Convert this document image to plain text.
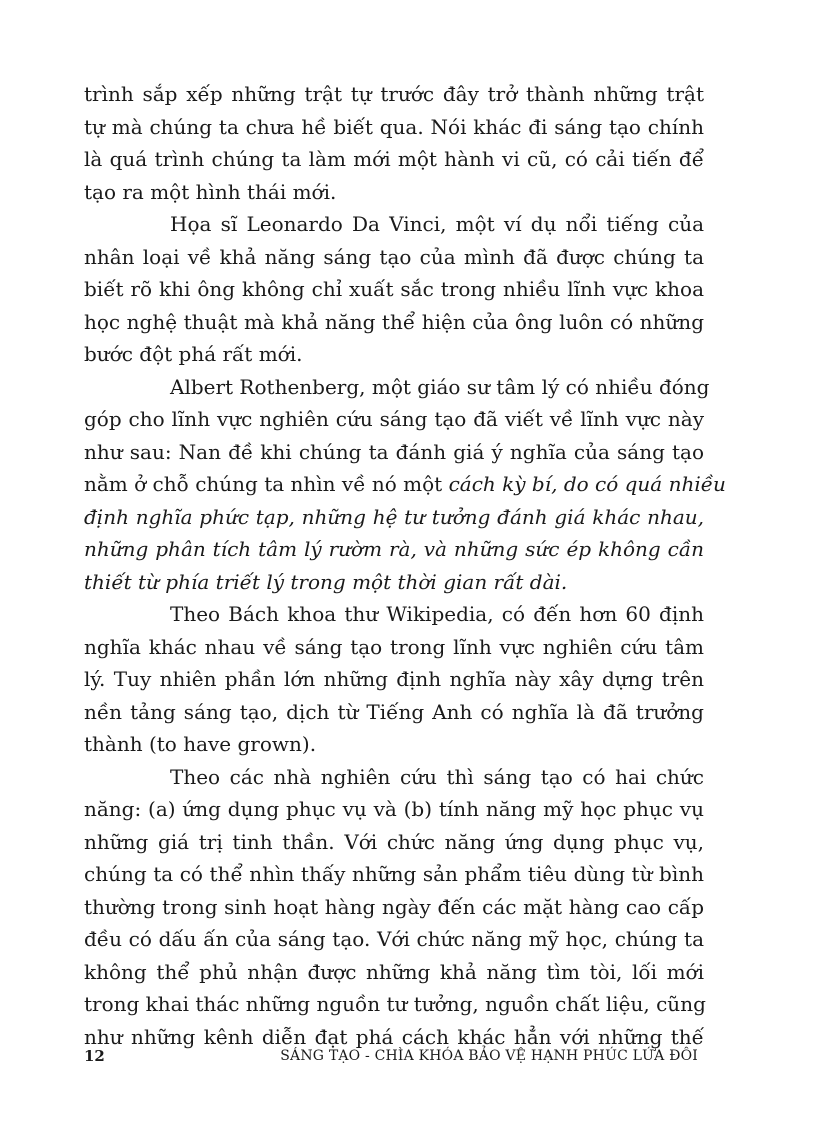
trình sắp xếp những trật tự trước đây trở thành những trật
tự mà chúng ta chưa hề biết qua. Nói khác đi sáng tạo chính
là quá trình chúng ta làm mới một hành vi cũ, có cải tiến để
tạo ra một hình thái mới.
Họa sĩ Leonardo Da Vinci, một ví dụ nổi tiếng của
nhân loại về khả năng sáng tạo của mình đã được chúng ta
biết rõ khi ông không chỉ xuất sắc trong nhiều lĩnh vực khoa
học nghệ thuật mà khả năng thể hiện của ông luôn có những
bước đột phá rất mới.
Albert Rothenberg, một giáo sư tâm lý có nhiều đóng
góp cho lĩnh vực nghiên cứu sáng tạo đã viết về lĩnh vực này
như sau: Nan đề khi chúng ta đánh giá ý nghĩa của sáng tạo
nằm ở chỗ chúng ta nhìn về nó một cách kỳ bí, do có quá nhiều
định nghĩa phức tạp, những hệ tư tưởng đánh giá khác nhau,
những phân tích tâm lý rườm rà, và những sức ép không cần
thiết từ phía triết lý trong một thời gian rất dài.
Theo Bách khoa thư Wikipedia, có đến hơn 60 định
nghĩa khác nhau về sáng tạo trong lĩnh vực nghiên cứu tâm
lý. Tuy nhiên phần lớn những định nghĩa này xây dựng trên
nền tảng sáng tạo, dịch từ Tiếng Anh có nghĩa là đã trưởng
thành (to have grown).
Theo các nhà nghiên cứu thì sáng tạo có hai chức
năng: (a) ứng dụng phục vụ và (b) tính năng mỹ học phục vụ
những giá trị tinh thần. Với chức năng ứng dụng phục vụ,
chúng ta có thể nhìn thấy những sản phẩm tiêu dùng từ bình
thường trong sinh hoạt hàng ngày đến các mặt hàng cao cấp
đều có dấu ấn của sáng tạo. Với chức năng mỹ học, chúng ta
không thể phủ nhận được những khả năng tìm tòi, lối mới
trong khai thác những nguồn tư tưởng, nguồn chất liệu, cũng
như những kênh diễn đạt phá cách khác hẳn với những thế
12	SÁNG TẠO - CHÌA KHÓA BẢO VỆ HẠNH PHÚC LỨA ĐÔI
